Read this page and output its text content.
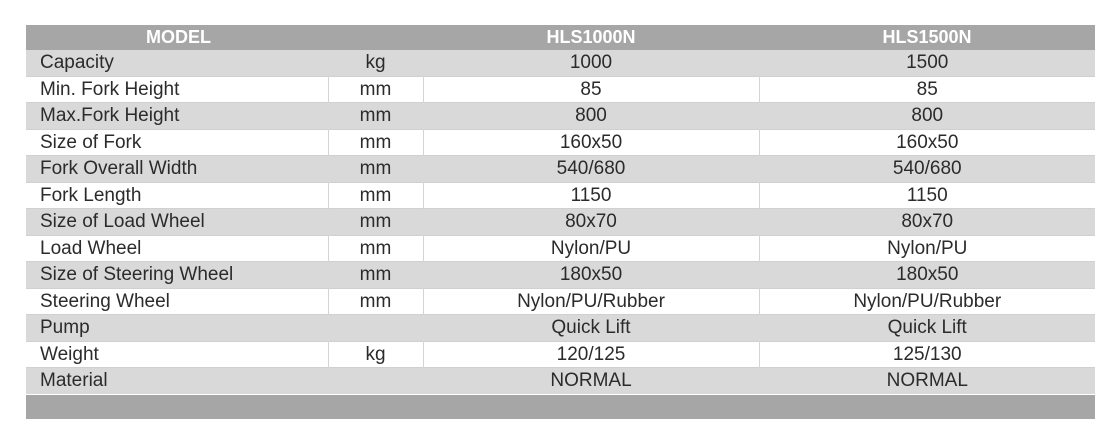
MODEL		HLS1000N	HLS1500N
Capacity	kg	1000	1500
Min. Fork Height	mm	85	85
Max.Fork Height	mm	800	800
Size of Fork	mm	160x50	160x50
Fork Overall Width	mm	540/680	540/680
Fork Length	mm	1150	1150
Size of Load Wheel	mm	80x70	80x70
Load Wheel	mm	Nylon/PU	Nylon/PU
Size of Steering Wheel	mm	180x50	180x50
Steering Wheel	mm	Nylon/PU/Rubber	Nylon/PU/Rubber
Pump		Quick Lift	Quick Lift
Weight	kg	120/125	125/130
Material		NORMAL	NORMAL
